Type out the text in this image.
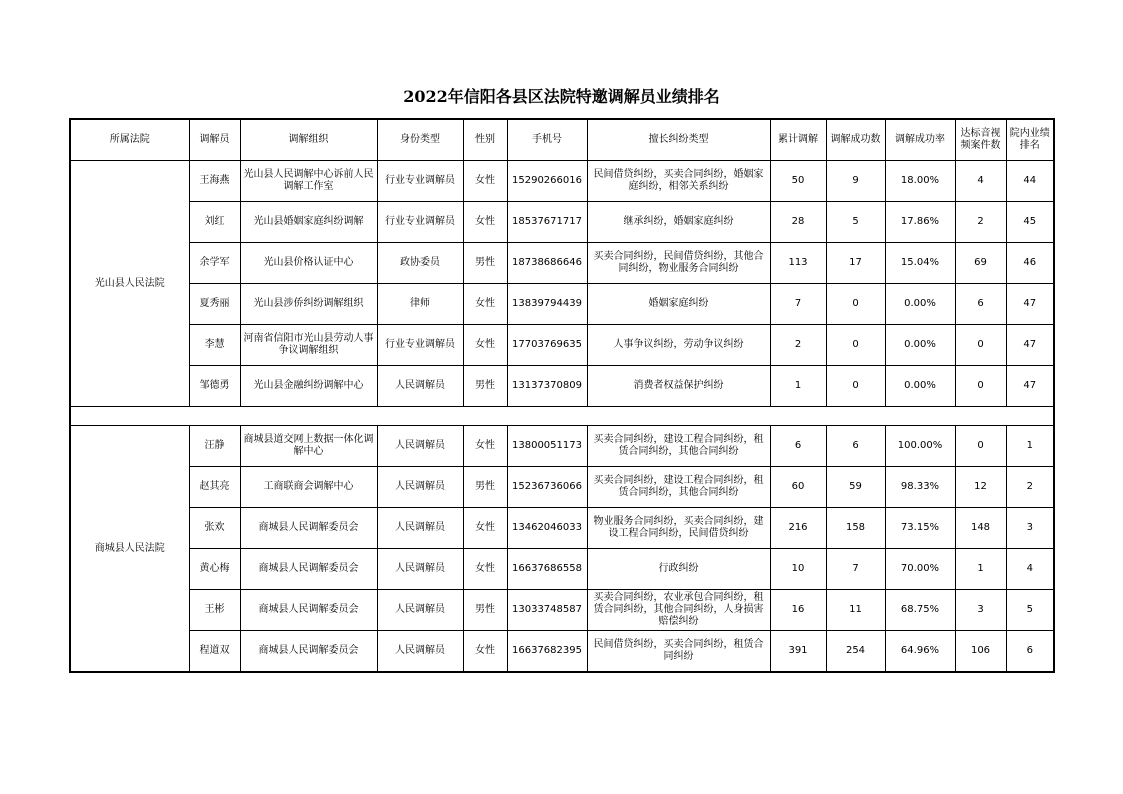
2022年信阳各县区法院特邀调解员业绩排名
所属法院	调解员	调解组织	身份类型	性别	手机号	擅长纠纷类型	累计调解	调解成功数	调解成功率	达标音视频案件数	院内业绩排名
光山县人民法院	王海燕	光山县人民调解中心诉前人民调解工作室	行业专业调解员	女性	15290266016	民间借贷纠纷，买卖合同纠纷，婚姻家庭纠纷，相邻关系纠纷	50	9	18.00%	4	44
	刘红	光山县婚姻家庭纠纷调解	行业专业调解员	女性	18537671717	继承纠纷，婚姻家庭纠纷	28	5	17.86%	2	45
	余学军	光山县价格认证中心	政协委员	男性	18738686646	买卖合同纠纷，民间借贷纠纷，其他合同纠纷，物业服务合同纠纷	113	17	15.04%	69	46
	夏秀丽	光山县涉侨纠纷调解组织	律师	女性	13839794439	婚姻家庭纠纷	7	0	0.00%	6	47
	李慧	河南省信阳市光山县劳动人事争议调解组织	行业专业调解员	女性	17703769635	人事争议纠纷，劳动争议纠纷	2	0	0.00%	0	47
	邹德勇	光山县金融纠纷调解中心	人民调解员	男性	13137370809	消费者权益保护纠纷	1	0	0.00%	0	47

商城县人民法院	汪静	商城县道交网上数据一体化调解中心	人民调解员	女性	13800051173	买卖合同纠纷，建设工程合同纠纷，租赁合同纠纷，其他合同纠纷	6	6	100.00%	0	1
	赵其亮	工商联商会调解中心	人民调解员	男性	15236736066	买卖合同纠纷，建设工程合同纠纷，租赁合同纠纷，其他合同纠纷	60	59	98.33%	12	2
	张欢	商城县人民调解委员会	人民调解员	女性	13462046033	物业服务合同纠纷，买卖合同纠纷，建设工程合同纠纷，民间借贷纠纷	216	158	73.15%	148	3
	黄心梅	商城县人民调解委员会	人民调解员	女性	16637686558	行政纠纷	10	7	70.00%	1	4
	王彬	商城县人民调解委员会	人民调解员	男性	13033748587	买卖合同纠纷，农业承包合同纠纷，租赁合同纠纷，其他合同纠纷，人身损害赔偿纠纷	16	11	68.75%	3	5
	程道双	商城县人民调解委员会	人民调解员	女性	16637682395	民间借贷纠纷，买卖合同纠纷，租赁合同纠纷	391	254	64.96%	106	6
